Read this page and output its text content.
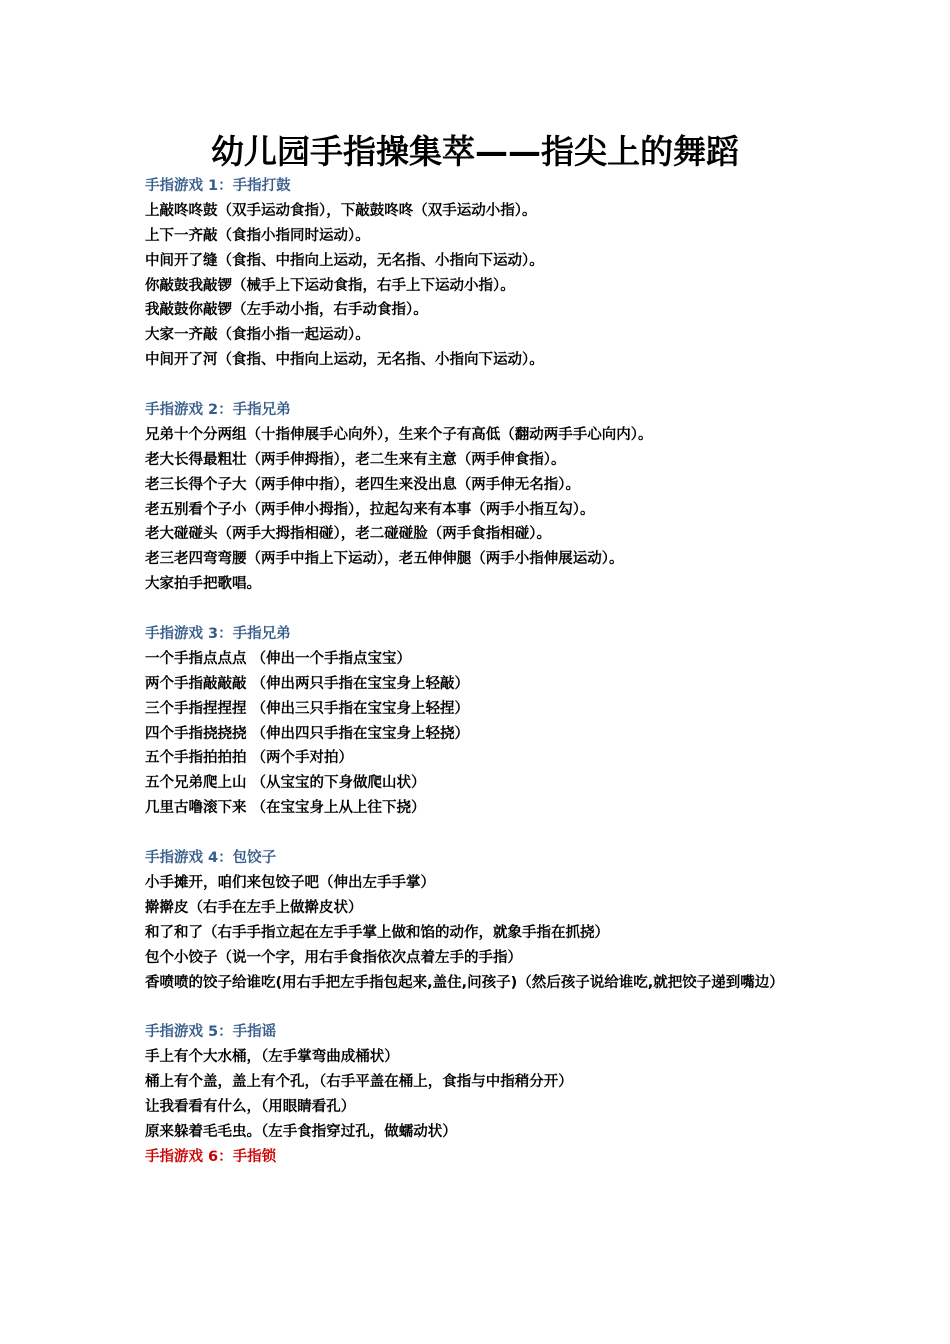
幼儿园手指操集萃——指尖上的舞蹈
手指游戏 1：手指打鼓
上敲咚咚鼓（双手运动食指），下敲鼓咚咚（双手运动小指）。
上下一齐敲（食指小指同时运动）。
中间开了缝（食指、中指向上运动，无名指、小指向下运动）。
你敲鼓我敲锣（械手上下运动食指，右手上下运动小指）。
我敲鼓你敲锣（左手动小指，右手动食指）。
大家一齐敲（食指小指一起运动）。
中间开了河（食指、中指向上运动，无名指、小指向下运动）。
手指游戏 2：手指兄弟
兄弟十个分两组（十指伸展手心向外），生来个子有高低（翻动两手手心向内）。
老大长得最粗壮（两手伸拇指），老二生来有主意（两手伸食指）。
老三长得个子大（两手伸中指），老四生来没出息（两手伸无名指）。
老五别看个子小（两手伸小拇指），拉起勾来有本事（两手小指互勾）。
老大碰碰头（两手大拇指相碰），老二碰碰脸（两手食指相碰）。
老三老四弯弯腰（两手中指上下运动），老五伸伸腿（两手小指伸展运动）。
大家拍手把歌唱。
手指游戏 3：手指兄弟
一个手指点点点 （伸出一个手指点宝宝）
两个手指敲敲敲 （伸出两只手指在宝宝身上轻敲）
三个手指捏捏捏 （伸出三只手指在宝宝身上轻捏）
四个手指挠挠挠 （伸出四只手指在宝宝身上轻挠）
五个手指拍拍拍 （两个手对拍）
五个兄弟爬上山 （从宝宝的下身做爬山状）
几里古噜滚下来 （在宝宝身上从上往下挠）
手指游戏 4：包饺子
小手摊开，咱们来包饺子吧（伸出左手手掌）
擀擀皮（右手在左手上做擀皮状）
和了和了（右手手指立起在左手手掌上做和馅的动作，就象手指在抓挠）
包个小饺子（说一个字，用右手食指依次点着左手的手指）
香喷喷的饺子给谁吃(用右手把左手指包起来,盖住,问孩子)（然后孩子说给谁吃,就把饺子递到嘴边）
手指游戏 5：手指谣
手上有个大水桶，（左手掌弯曲成桶状）
桶上有个盖，盖上有个孔，（右手平盖在桶上，食指与中指稍分开）
让我看看有什么，（用眼睛看孔）
原来躲着毛毛虫。（左手食指穿过孔，做蠕动状）
手指游戏 6：手指锁
